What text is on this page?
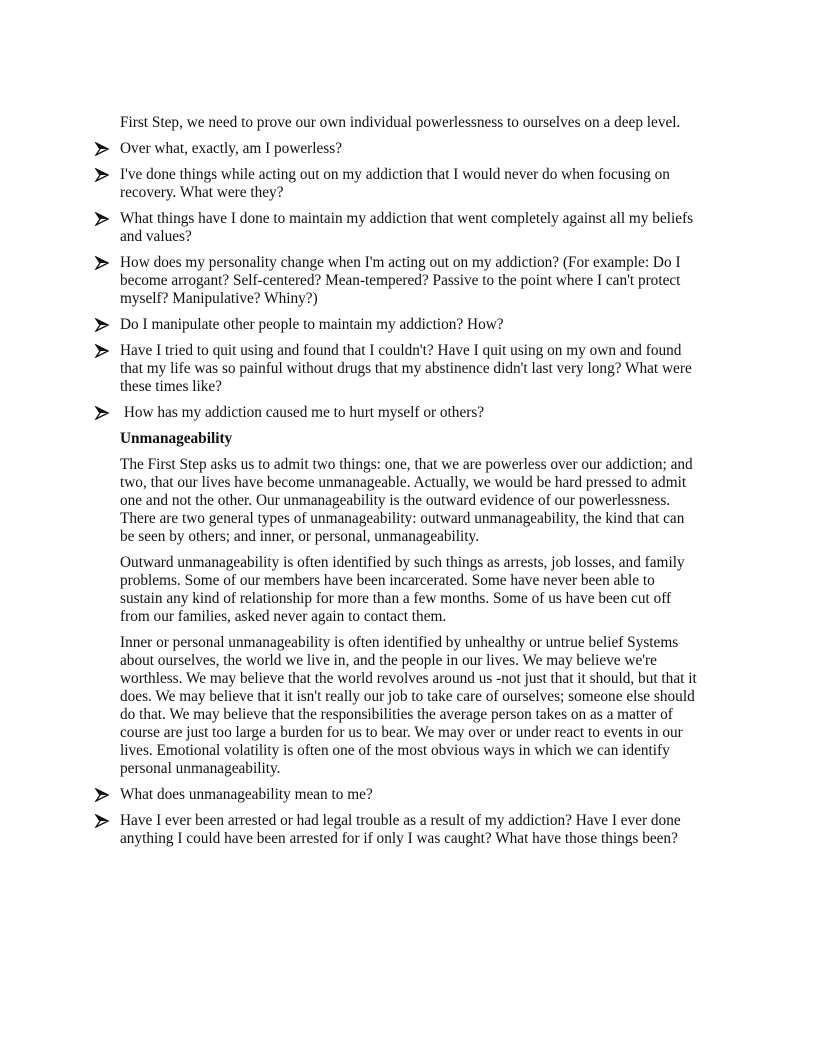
First Step, we need to prove our own individual powerlessness to ourselves on a deep level.

Over what, exactly, am I powerless?
I've done things while acting out on my addiction that I would never do when focusing on recovery. What were they?
What things have I done to maintain my addiction that went completely against all my beliefs and values?
How does my personality change when I'm acting out on my addiction? (For example: Do I become arrogant? Self-centered? Mean-tempered? Passive to the point where I can't protect myself? Manipulative? Whiny?)
Do I manipulate other people to maintain my addiction? How?
Have I tried to quit using and found that I couldn't? Have I quit using on my own and found that my life was so painful without drugs that my abstinence didn't last very long? What were these times like?
How has my addiction caused me to hurt myself or others?

Unmanageability

The First Step asks us to admit two things: one, that we are powerless over our addiction; and two, that our lives have become unmanageable. Actually, we would be hard pressed to admit one and not the other. Our unmanageability is the outward evidence of our powerlessness. There are two general types of unmanageability: outward unmanageability, the kind that can be seen by others; and inner, or personal, unmanageability.

Outward unmanageability is often identified by such things as arrests, job losses, and family problems. Some of our members have been incarcerated. Some have never been able to sustain any kind of relationship for more than a few months. Some of us have been cut off from our families, asked never again to contact them.

Inner or personal unmanageability is often identified by unhealthy or untrue belief Systems about ourselves, the world we live in, and the people in our lives. We may believe we're worthless. We may believe that the world revolves around us -not just that it should, but that it does. We may believe that it isn't really our job to take care of ourselves; someone else should do that. We may believe that the responsibilities the average person takes on as a matter of course are just too large a burden for us to bear. We may over or under react to events in our lives. Emotional volatility is often one of the most obvious ways in which we can identify personal unmanageability.

What does unmanageability mean to me?
Have I ever been arrested or had legal trouble as a result of my addiction? Have I ever done anything I could have been arrested for if only I was caught? What have those things been?
